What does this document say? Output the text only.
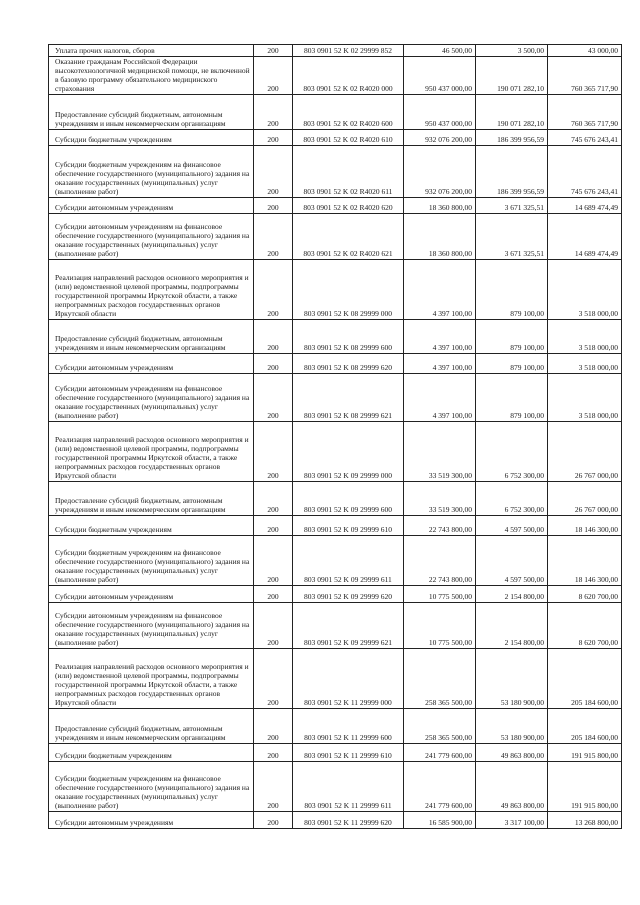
Уплата прочих налогов, сборов	200	803 0901 52 K 02 29999 852	46 500,00	3 500,00	43 000,00
Оказание гражданам Российской Федерации высокотехнологичной медицинской помощи, не включенной в базовую программу обязательного медицинского страхования	200	803 0901 52 K 02 R4020 000	950 437 000,00	190 071 282,10	760 365 717,90
Предоставление субсидий бюджетным, автономным учреждениям и иным некоммерческим организациям	200	803 0901 52 K 02 R4020 600	950 437 000,00	190 071 282,10	760 365 717,90
Субсидии бюджетным учреждениям	200	803 0901 52 K 02 R4020 610	932 076 200,00	186 399 956,59	745 676 243,41
Субсидии бюджетным учреждениям на финансовое обеспечение государственного (муниципального) задания на оказание государственных (муниципальных) услуг (выполнение работ)	200	803 0901 52 K 02 R4020 611	932 076 200,00	186 399 956,59	745 676 243,41
Субсидии автономным учреждениям	200	803 0901 52 K 02 R4020 620	18 360 800,00	3 671 325,51	14 689 474,49
Субсидии автономным учреждениям на финансовое обеспечение государственного (муниципального) задания на оказание государственных (муниципальных) услуг (выполнение работ)	200	803 0901 52 K 02 R4020 621	18 360 800,00	3 671 325,51	14 689 474,49
Реализация направлений расходов основного мероприятия и (или) ведомственной целевой программы, подпрограммы государственной программы Иркутской области, а также непрограммных расходов государственных органов Иркутской области	200	803 0901 52 K 08 29999 000	4 397 100,00	879 100,00	3 518 000,00
Предоставление субсидий бюджетным, автономным учреждениям и иным некоммерческим организациям	200	803 0901 52 K 08 29999 600	4 397 100,00	879 100,00	3 518 000,00
Субсидии автономным учреждениям	200	803 0901 52 K 08 29999 620	4 397 100,00	879 100,00	3 518 000,00
Субсидии автономным учреждениям на финансовое обеспечение государственного (муниципального) задания на оказание государственных (муниципальных) услуг (выполнение работ)	200	803 0901 52 K 08 29999 621	4 397 100,00	879 100,00	3 518 000,00
Реализация направлений расходов основного мероприятия и (или) ведомственной целевой программы, подпрограммы государственной программы Иркутской области, а также непрограммных расходов государственных органов Иркутской области	200	803 0901 52 K 09 29999 000	33 519 300,00	6 752 300,00	26 767 000,00
Предоставление субсидий бюджетным, автономным учреждениям и иным некоммерческим организациям	200	803 0901 52 K 09 29999 600	33 519 300,00	6 752 300,00	26 767 000,00
Субсидии бюджетным учреждениям	200	803 0901 52 K 09 29999 610	22 743 800,00	4 597 500,00	18 146 300,00
Субсидии бюджетным учреждениям на финансовое обеспечение государственного (муниципального) задания на оказание государственных (муниципальных) услуг (выполнение работ)	200	803 0901 52 K 09 29999 611	22 743 800,00	4 597 500,00	18 146 300,00
Субсидии автономным учреждениям	200	803 0901 52 K 09 29999 620	10 775 500,00	2 154 800,00	8 620 700,00
Субсидии автономным учреждениям на финансовое обеспечение государственного (муниципального) задания на оказание государственных (муниципальных) услуг (выполнение работ)	200	803 0901 52 K 09 29999 621	10 775 500,00	2 154 800,00	8 620 700,00
Реализация направлений расходов основного мероприятия и (или) ведомственной целевой программы, подпрограммы государственной программы Иркутской области, а также непрограммных расходов государственных органов Иркутской области	200	803 0901 52 K 11 29999 000	258 365 500,00	53 180 900,00	205 184 600,00
Предоставление субсидий бюджетным, автономным учреждениям и иным некоммерческим организациям	200	803 0901 52 K 11 29999 600	258 365 500,00	53 180 900,00	205 184 600,00
Субсидии бюджетным учреждениям	200	803 0901 52 K 11 29999 610	241 779 600,00	49 863 800,00	191 915 800,00
Субсидии бюджетным учреждениям на финансовое обеспечение государственного (муниципального) задания на оказание государственных (муниципальных) услуг (выполнение работ)	200	803 0901 52 K 11 29999 611	241 779 600,00	49 863 800,00	191 915 800,00
Субсидии автономным учреждениям	200	803 0901 52 K 11 29999 620	16 585 900,00	3 317 100,00	13 268 800,00
